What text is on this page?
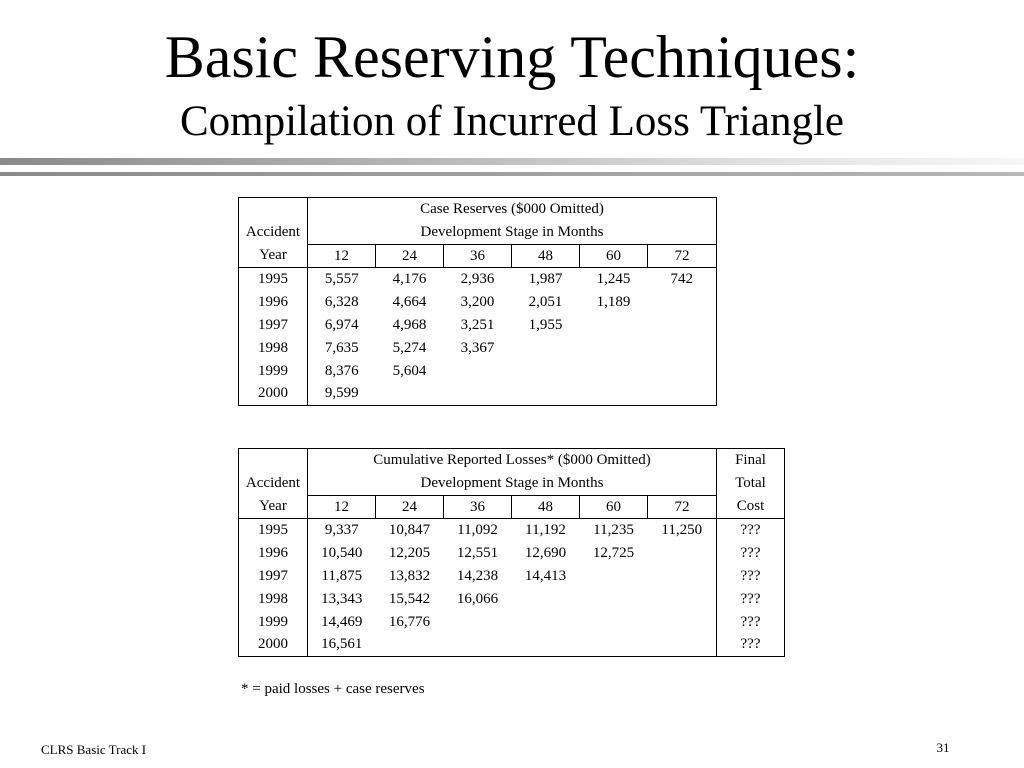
Basic Reserving Techniques:
Compilation of Incurred Loss Triangle
Accident	Case Reserves ($000 Omitted)					
	Development Stage in Months					
Year	12	24	36	48	60	72
1995	5,557	4,176	2,936	1,987	1,245	742
1996	6,328	4,664	3,200	2,051	1,189	
1997	6,974	4,968	3,251	1,955		
1998	7,635	5,274	3,367			
1999	8,376	5,604				
2000	9,599					
Accident	Cumulative Reported Losses* ($000 Omitted)						Final
	Development Stage in Months						Total
Year	12	24	36	48	60	72	Cost
1995	9,337	10,847	11,092	11,192	11,235	11,250	???
1996	10,540	12,205	12,551	12,690	12,725		???
1997	11,875	13,832	14,238	14,413			???
1998	13,343	15,542	16,066				???
1999	14,469	16,776					???
2000	16,561						???
* = paid losses + case reserves
CLRS Basic Track I	31
